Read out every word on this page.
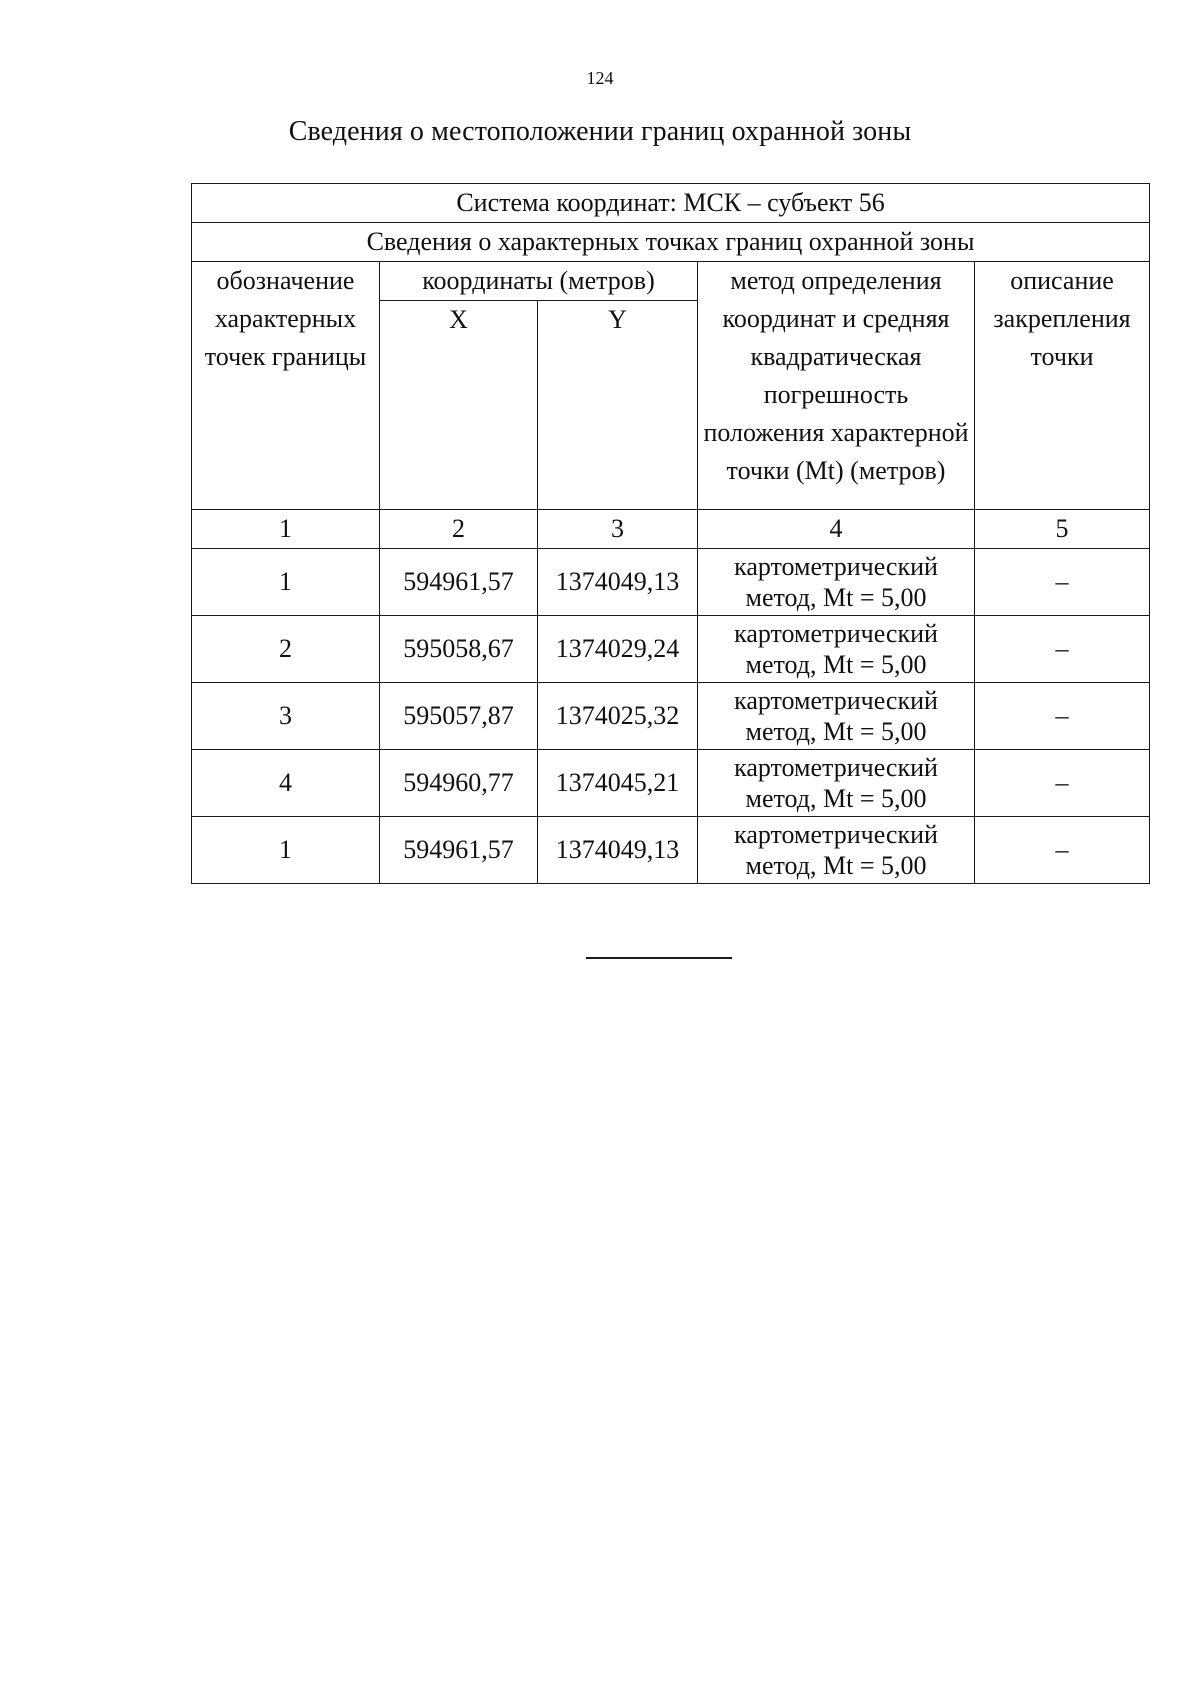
124
Сведения о местоположении границ охранной зоны
Система координат: МСК – субъект 56				
Сведения о характерных точках границ охранной зоны				
обозначение характерных точек границы	координаты (метров)		метод определения координат и средняя квадратическая погрешность положения характерной точки (Mt) (метров)	описание закрепления точки
	X	Y		
1	2	3	4	5
1	594961,57	1374049,13	картометрический метод, Mt = 5,00	–
2	595058,67	1374029,24	картометрический метод, Mt = 5,00	–
3	595057,87	1374025,32	картометрический метод, Mt = 5,00	–
4	594960,77	1374045,21	картометрический метод, Mt = 5,00	–
1	594961,57	1374049,13	картометрический метод, Mt = 5,00	–
